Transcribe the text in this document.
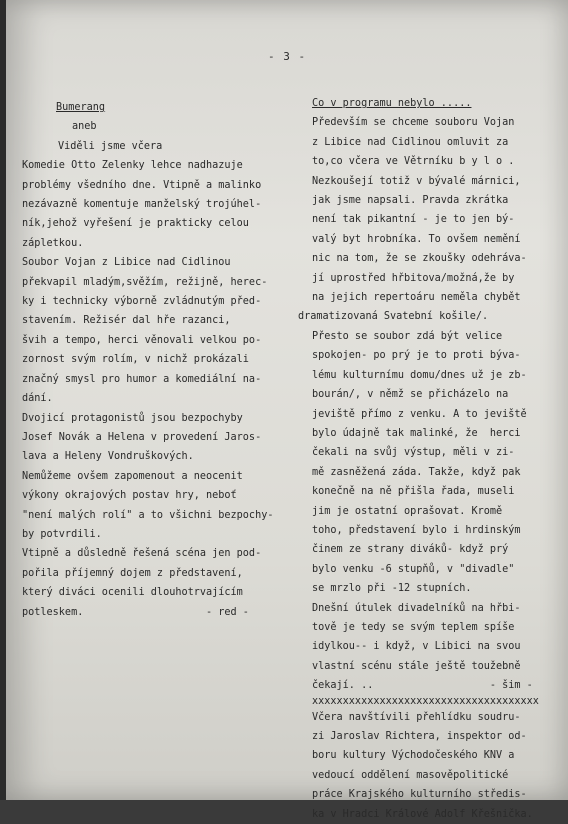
- 3 -

Bumerang

aneb

Viděli jsme včera

Komedie Otto Zelenky lehce nadhazuje

problémy všedního dne. Vtipně a malinko

nezávazně komentuje manželský trojúhel-

ník,jehož vyřešení je prakticky celou

zápletkou.

Soubor Vojan z Libice nad Cidlinou

překvapil mladým,svěžím, režijně, herec-

ky i technicky výborně zvládnutým před-

stavením. Režisér dal hře razanci,

švih a tempo, herci věnovali velkou po-

zornost svým rolím, v nichž prokázali

značný smysl pro humor a komediální na-

dání.

Dvojicí protagonistů jsou bezpochyby

Josef Novák a Helena v provedení Jaros-

lava a Heleny Vondruškových.

Nemůžeme ovšem zapomenout a neocenit

výkony okrajových postav hry, neboť

"není malých rolí" a to všichni bezpochy-

by potvrdili.

Vtipně a důsledně řešená scéna jen pod-

pořila příjemný dojem z představení,

který diváci ocenili dlouhotrvajícím

potleskem.                    - red -

Co v programu nebylo .....

Především se chceme souboru Vojan

z Libice nad Cidlinou omluvit za

to,co včera ve Větrníku b y l o .

Nezkoušejí totiž v bývalé márnici,

jak jsme napsali. Pravda zkrátka

není tak pikantní - je to jen bý-

valý byt hrobníka. To ovšem nemění

nic na tom, že se zkoušky odehráva-

jí uprostřed hřbitova/možná,že by

na jejich repertoáru neměla chybět

dramatizovaná Svatební košile/.

Přesto se soubor zdá být velice

spokojen- po prý je to proti býva-

lému kulturnímu domu/dnes už je zb-

bourán/, v němž se přicházelo na

jeviště přímo z venku. A to jeviště

bylo údajně tak malinké, že  herci

čekali na svůj výstup, měli v zi-

mě zasněžená záda. Takže, když pak

konečně na ně přišla řada, museli

jim je ostatní oprašovat. Kromě

toho, představení bylo i hrdinským

činem ze strany diváků- když prý

bylo venku -6 stupňů, v "divadle"

se mrzlo při -12 stupních.

Dnešní útulek divadelníků na hřbi-

tově je tedy se svým teplem spíše

idylkou-- i když, v Libici na svou

vlastní scénu stále ještě toužebně

čekají. ..                   - šim -

xxxxxxxxxxxxxxxxxxxxxxxxxxxxxxxxxxxxx

Včera navštívili přehlídku soudru-

zi Jaroslav Richtera, inspektor od-

boru kultury Východočeského KNV a

vedoucí oddělení masověpolitické

práce Krajského kulturního středis-

ka v Hradci Králové Adolf Křešnička.
